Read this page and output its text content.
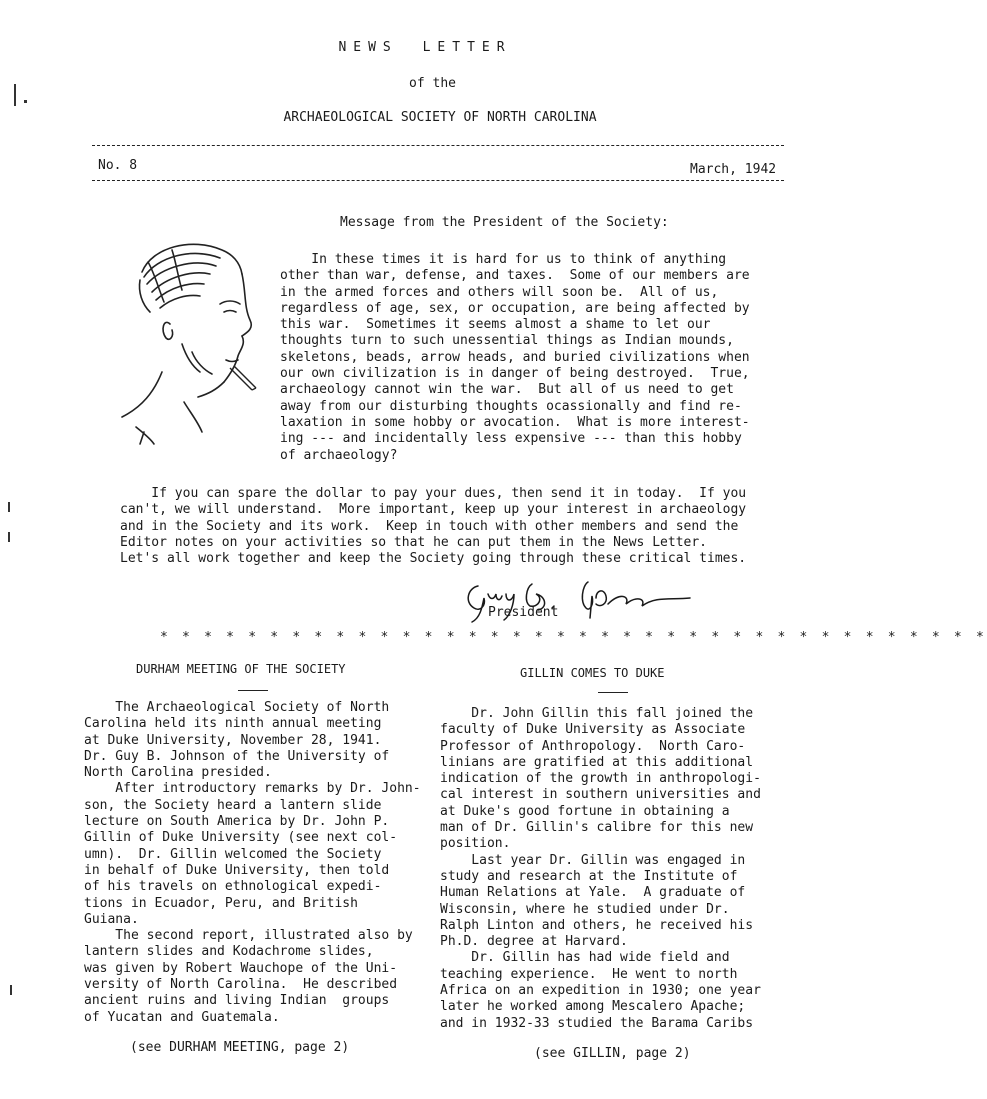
NEWS LETTER
of the
ARCHAEOLOGICAL SOCIETY OF NORTH CAROLINA
No. 8	March, 1942
Message from the President of the Society:
In these times it is hard for us to think of anything
other than war, defense, and taxes.  Some of our members are
in the armed forces and others will soon be.  All of us,
regardless of age, sex, or occupation, are being affected by
this war.  Sometimes it seems almost a shame to let our
thoughts turn to such unessential things as Indian mounds,
skeletons, beads, arrow heads, and buried civilizations when
our own civilization is in danger of being destroyed.  True,
archaeology cannot win the war.  But all of us need to get
away from our disturbing thoughts ocassionally and find re-
laxation in some hobby or avocation.  What is more interest-
ing --- and incidentally less expensive --- than this hobby
of archaeology?
If you can spare the dollar to pay your dues, then send it in today.  If you
can't, we will understand.  More important, keep up your interest in archaeology
and in the Society and its work.  Keep in touch with other members and send the
Editor notes on your activities so that he can put them in the News Letter.
Let's all work together and keep the Society going through these critical times.
President
* * * * * * * * * * * * * * * * * * * * * * * * * * * * * * * * * * * * * *
DURHAM MEETING OF THE SOCIETY
The Archaeological Society of North
Carolina held its ninth annual meeting
at Duke University, November 28, 1941.
Dr. Guy B. Johnson of the University of
North Carolina presided.
After introductory remarks by Dr. John-
son, the Society heard a lantern slide
lecture on South America by Dr. John P.
Gillin of Duke University (see next col-
umn).  Dr. Gillin welcomed the Society
in behalf of Duke University, then told
of his travels on ethnological expedi-
tions in Ecuador, Peru, and British
Guiana.
The second report, illustrated also by
lantern slides and Kodachrome slides,
was given by Robert Wauchope of the Uni-
versity of North Carolina.  He described
ancient ruins and living Indian  groups
of Yucatan and Guatemala.
(see DURHAM MEETING, page 2)
GILLIN COMES TO DUKE
Dr. John Gillin this fall joined the
faculty of Duke University as Associate
Professor of Anthropology.  North Caro-
linians are gratified at this additional
indication of the growth in anthropologi-
cal interest in southern universities and
at Duke's good fortune in obtaining a
man of Dr. Gillin's calibre for this new
position.
Last year Dr. Gillin was engaged in
study and research at the Institute of
Human Relations at Yale.  A graduate of
Wisconsin, where he studied under Dr.
Ralph Linton and others, he received his
Ph.D. degree at Harvard.
Dr. Gillin has had wide field and
teaching experience.  He went to north
Africa on an expedition in 1930; one year
later he worked among Mescalero Apache;
and in 1932-33 studied the Barama Caribs
(see GILLIN, page 2)
